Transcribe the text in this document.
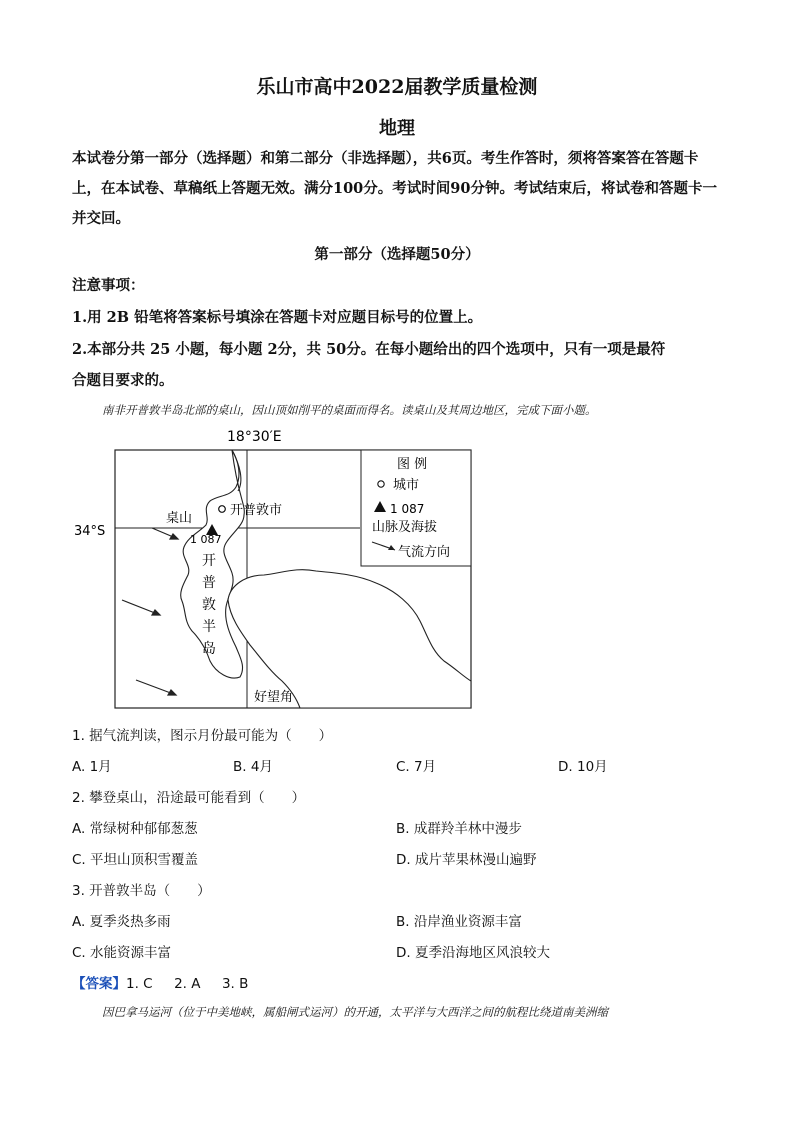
乐山市高中2022届教学质量检测
地理
本试卷分第一部分（选择题）和第二部分（非选择题），共6页。考生作答时，须将答案答在答题卡上，在本试卷、草稿纸上答题无效。满分100分。考试时间90分钟。考试结束后，将试卷和答题卡一并交回。
第一部分（选择题50分）
注意事项：
1.用 2B 铅笔将答案标号填涂在答题卡对应题目标号的位置上。
2.本部分共 25 小题，每小题 2分，共 50分。在每小题给出的四个选项中，只有一项是最符
合题目要求的。
南非开普敦半岛北部的桌山，因山顶如削平的桌面而得名。读桌山及其周边地区，完成下面小题。
18°30′E
34°S
桌山
1 087
开普敦市
开
普
敦
半
岛
好望角
图 例
城市
1 087
山脉及海拔
气流方向
1. 据气流判读，图示月份最可能为（　　）
A. 1月	B. 4月	C. 7月	D. 10月
2. 攀登桌山，沿途最可能看到（　　）
A. 常绿树种郁郁葱葱	B. 成群羚羊林中漫步
C. 平坦山顶积雪覆盖	D. 成片苹果林漫山遍野
3. 开普敦半岛（　　）
A. 夏季炎热多雨	B. 沿岸渔业资源丰富
C. 水能资源丰富	D. 夏季沿海地区风浪较大
【答案】1. C 2. A 3. B
因巴拿马运河（位于中美地峡，属船闸式运河）的开通，太平洋与大西洋之间的航程比绕道南美洲缩
